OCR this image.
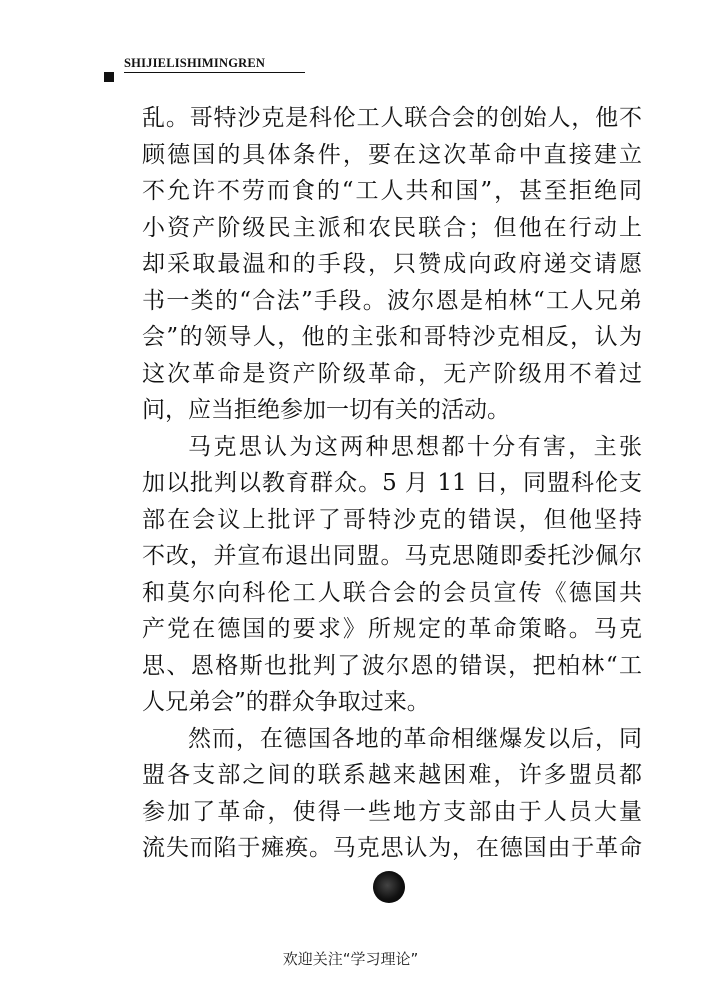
SHIJIELISHIMINGREN
乱。哥特沙克是科伦工人联合会的创始人，他不
顾德国的具体条件，要在这次革命中直接建立
不允许不劳而食的“工人共和国”，甚至拒绝同
小资产阶级民主派和农民联合；但他在行动上
却采取最温和的手段，只赞成向政府递交请愿
书一类的“合法”手段。波尔恩是柏林“工人兄弟
会”的领导人，他的主张和哥特沙克相反，认为
这次革命是资产阶级革命，无产阶级用不着过
问，应当拒绝参加一切有关的活动。
马克思认为这两种思想都十分有害，主张
加以批判以教育群众。5 月 11 日，同盟科伦支
部在会议上批评了哥特沙克的错误，但他坚持
不改，并宣布退出同盟。马克思随即委托沙佩尔
和莫尔向科伦工人联合会的会员宣传《德国共
产党在德国的要求》所规定的革命策略。马克
思、恩格斯也批判了波尔恩的错误，把柏林“工
人兄弟会”的群众争取过来。
然而，在德国各地的革命相继爆发以后，同
盟各支部之间的联系越来越困难，许多盟员都
参加了革命，使得一些地方支部由于人员大量
流失而陷于瘫痪。马克思认为，在德国由于革命
欢迎关注“学习理论”
